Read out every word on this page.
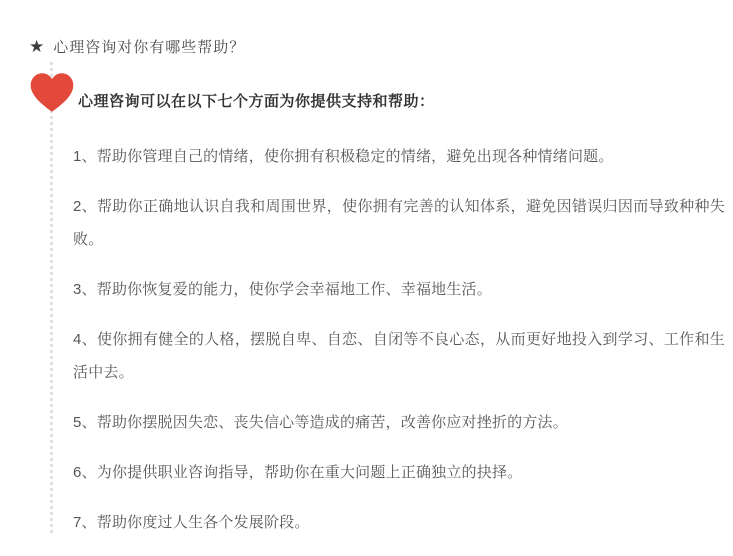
★ 心理咨询对你有哪些帮助？
心理咨询可以在以下七个方面为你提供支持和帮助：

1、帮助你管理自己的情绪，使你拥有积极稳定的情绪，避免出现各种情绪问题。

2、帮助你正确地认识自我和周围世界，使你拥有完善的认知体系，避免因错误归因而导致种种失败。

3、帮助你恢复爱的能力，使你学会幸福地工作、幸福地生活。

4、使你拥有健全的人格，摆脱自卑、自恋、自闭等不良心态，从而更好地投入到学习、工作和生活中去。

5、帮助你摆脱因失恋、丧失信心等造成的痛苦，改善你应对挫折的方法。

6、为你提供职业咨询指导，帮助你在重大问题上正确独立的抉择。

7、帮助你度过人生各个发展阶段。
